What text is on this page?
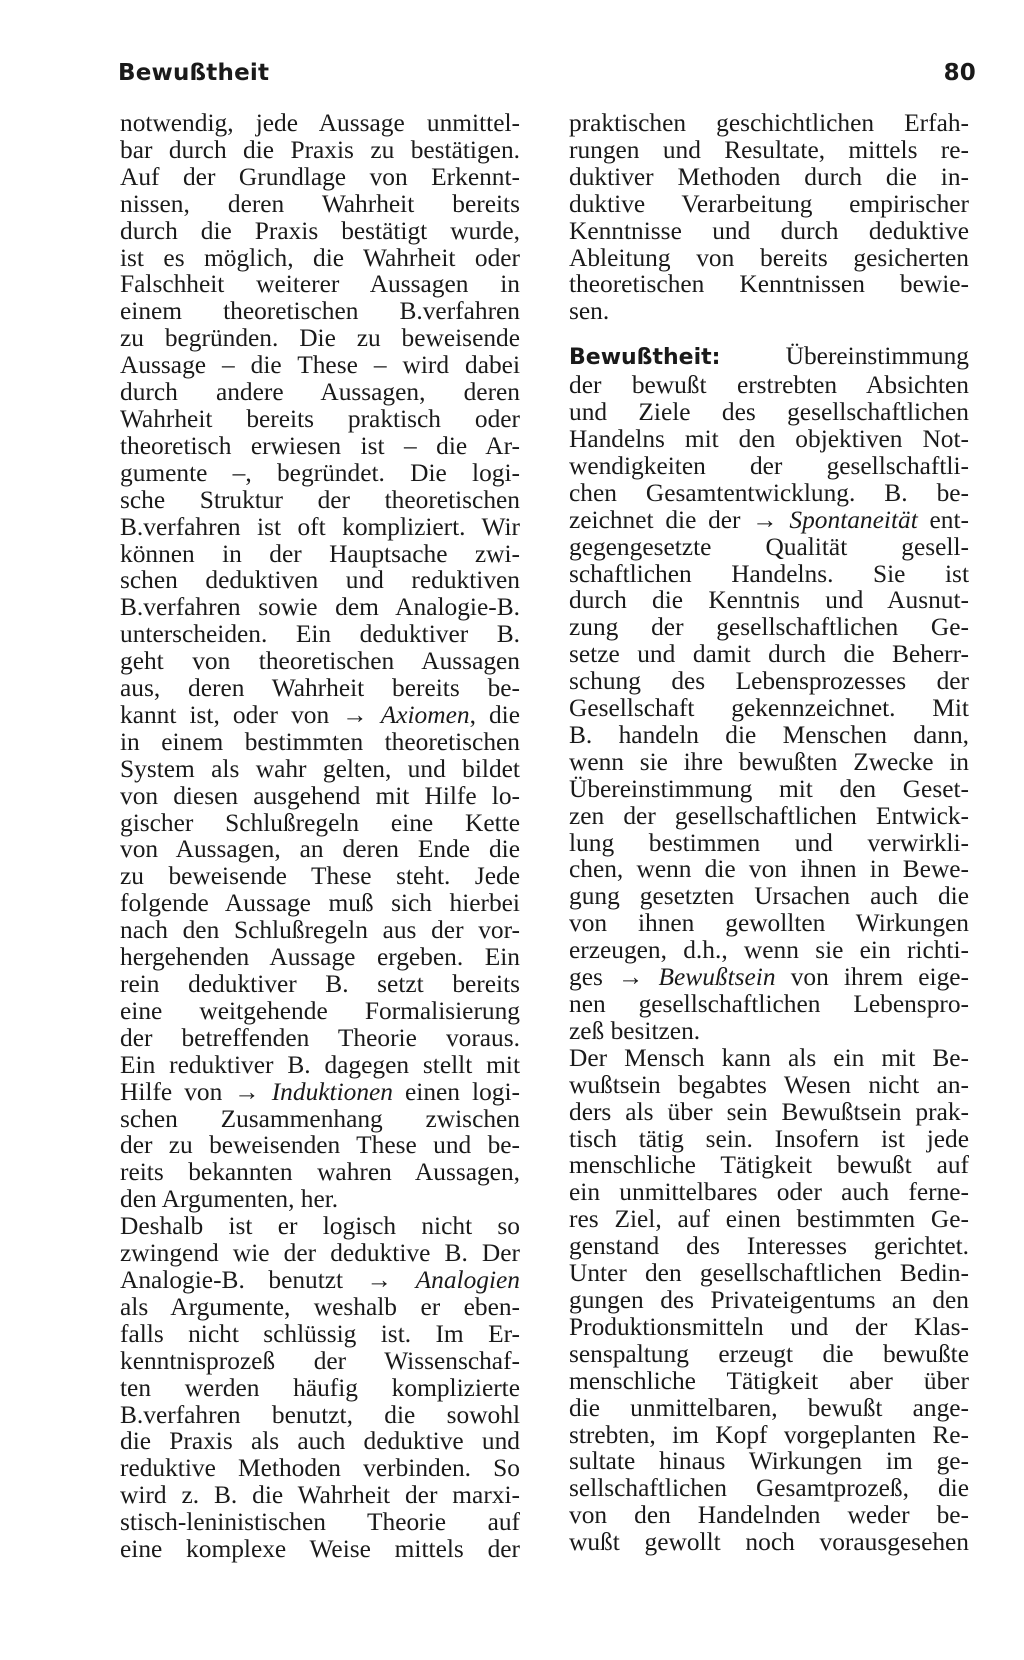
Bewußtheit	80

notwendig, jede Aussage unmittel-

bar durch die Praxis zu bestätigen.

Auf der Grundlage von Erkennt-

nissen, deren Wahrheit bereits

durch die Praxis bestätigt wurde,

ist es möglich, die Wahrheit oder

Falschheit weiterer Aussagen in

einem theoretischen B.verfahren

zu begründen. Die zu beweisende

Aussage – die These – wird dabei

durch andere Aussagen, deren

Wahrheit bereits praktisch oder

theoretisch erwiesen ist – die Ar-

gumente –, begründet. Die logi-

sche Struktur der theoretischen

B.verfahren ist oft kompliziert. Wir

können in der Hauptsache zwi-

schen deduktiven und reduktiven

B.verfahren sowie dem Analogie-B.

unterscheiden. Ein deduktiver B.

geht von theoretischen Aussagen

aus, deren Wahrheit bereits be-

kannt ist, oder von → Axiomen, die

in einem bestimmten theoretischen

System als wahr gelten, und bildet

von diesen ausgehend mit Hilfe lo-

gischer Schlußregeln eine Kette

von Aussagen, an deren Ende die

zu beweisende These steht. Jede

folgende Aussage muß sich hierbei

nach den Schlußregeln aus der vor-

hergehenden Aussage ergeben. Ein

rein deduktiver B. setzt bereits

eine weitgehende Formalisierung

der betreffenden Theorie voraus.

Ein reduktiver B. dagegen stellt mit

Hilfe von → Induktionen einen logi-

schen Zusammenhang zwischen

der zu beweisenden These und be-

reits bekannten wahren Aussagen,

den Argumenten, her.

Deshalb ist er logisch nicht so

zwingend wie der deduktive B. Der

Analogie-B. benutzt → Analogien

als Argumente, weshalb er eben-

falls nicht schlüssig ist. Im Er-

kenntnisprozeß der Wissenschaf-

ten werden häufig komplizierte

B.verfahren benutzt, die sowohl

die Praxis als auch deduktive und

reduktive Methoden verbinden. So

wird z. B. die Wahrheit der marxi-

stisch-leninistischen Theorie auf

eine komplexe Weise mittels der

praktischen geschichtlichen Erfah-

rungen und Resultate, mittels re-

duktiver Methoden durch die in-

duktive Verarbeitung empirischer

Kenntnisse und durch deduktive

Ableitung von bereits gesicherten

theoretischen Kenntnissen bewie-

sen.

Bewußtheit:	Übereinstimmung

der bewußt erstrebten Absichten

und Ziele des gesellschaftlichen

Handelns mit den objektiven Not-

wendigkeiten der gesellschaftli-

chen Gesamtentwicklung. B. be-

zeichnet die der → Spontaneität ent-

gegengesetzte Qualität gesell-

schaftlichen Handelns. Sie ist

durch die Kenntnis und Ausnut-

zung der gesellschaftlichen Ge-

setze und damit durch die Beherr-

schung des Lebensprozesses der

Gesellschaft gekennzeichnet. Mit

B. handeln die Menschen dann,

wenn sie ihre bewußten Zwecke in

Übereinstimmung mit den Geset-

zen der gesellschaftlichen Entwick-

lung bestimmen und verwirkli-

chen, wenn die von ihnen in Bewe-

gung gesetzten Ursachen auch die

von ihnen gewollten Wirkungen

erzeugen, d.h., wenn sie ein richti-

ges → Bewußtsein von ihrem eige-

nen gesellschaftlichen Lebenspro-

zeß besitzen.

Der Mensch kann als ein mit Be-

wußtsein begabtes Wesen nicht an-

ders als über sein Bewußtsein prak-

tisch tätig sein. Insofern ist jede

menschliche Tätigkeit bewußt auf

ein unmittelbares oder auch ferne-

res Ziel, auf einen bestimmten Ge-

genstand des Interesses gerichtet.

Unter den gesellschaftlichen Bedin-

gungen des Privateigentums an den

Produktionsmitteln und der Klas-

senspaltung erzeugt die bewußte

menschliche Tätigkeit aber über

die unmittelbaren, bewußt ange-

strebten, im Kopf vorgeplanten Re-

sultate hinaus Wirkungen im ge-

sellschaftlichen Gesamtprozeß, die

von den Handelnden weder be-

wußt gewollt noch vorausgesehen
